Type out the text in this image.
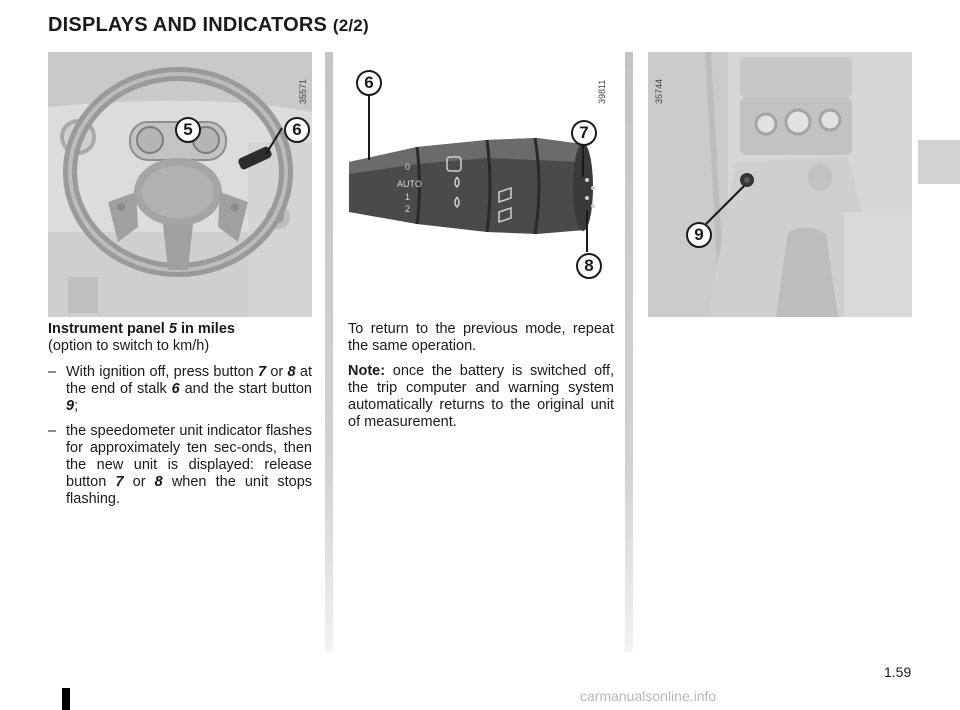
DISPLAYS AND INDICATORS (2/2)
35571
5	6
AUTO
0
1
2
39811
6
7
8
35744
9
Instrument panel 5 in miles
(option to switch to km/h)
– With ignition off, press button 7 or 8 at the end of stalk 6 and the start button 9;
– the speedometer unit indicator flashes for approximately ten sec-onds, then the new unit is displayed: release button 7 or 8 when the unit stops flashing.

To return to the previous mode, repeat the same operation.

Note: once the battery is switched off, the trip computer and warning system automatically returns to the original unit of measurement.

1.59
carmanualsonline.info
